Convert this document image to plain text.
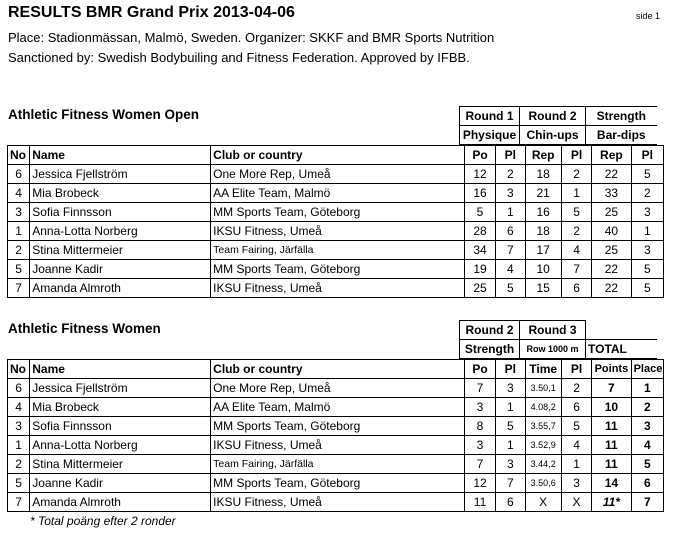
RESULTS BMR Grand Prix 2013-04-06	side 1
Place: Stadionmässan, Malmö, Sweden. Organizer: SKKF and BMR Sports Nutrition
Sanctioned by: Swedish Bodybuiling and Fitness Federation. Approved by IFBB.
Athletic Fitness Women Open	Round 1	Round 2	Strength
Physique	Chin-ups	Bar-dips
No	Name	Club or country	Po	Pl	Rep	Pl	Rep	Pl
6	Jessica Fjellström	One More Rep, Umeå	12	2	18	2	22	5
4	Mia Brobeck	AA Elite Team, Malmö	16	3	21	1	33	2
3	Sofia Finnsson	MM Sports Team, Göteborg	5	1	16	5	25	3
1	Anna-Lotta Norberg	IKSU Fitness, Umeå	28	6	18	2	40	1
2	Stina Mittermeier	Team Fairing, Järfälla	34	7	17	4	25	3
5	Joanne Kadir	MM Sports Team, Göteborg	19	4	10	7	22	5
7	Amanda Almroth	IKSU Fitness, Umeå	25	5	15	6	22	5
Athletic Fitness Women	Round 2	Round 3	
Strength	Row 1000 m	TOTAL
No	Name	Club or country	Po	Pl	Time	Pl	Points	Place
6	Jessica Fjellström	One More Rep, Umeå	7	3	3.50,1	2	7	1
4	Mia Brobeck	AA Elite Team, Malmö	3	1	4.08,2	6	10	2
3	Sofia Finnsson	MM Sports Team, Göteborg	8	5	3.55,7	5	11	3
1	Anna-Lotta Norberg	IKSU Fitness, Umeå	3	1	3.52,9	4	11	4
2	Stina Mittermeier	Team Fairing, Järfälla	7	3	3.44,2	1	11	5
5	Joanne Kadir	MM Sports Team, Göteborg	12	7	3.50,6	3	14	6
7	Amanda Almroth	IKSU Fitness, Umeå	11	6	X	X	11*	7
* Total poäng efter 2 ronder
